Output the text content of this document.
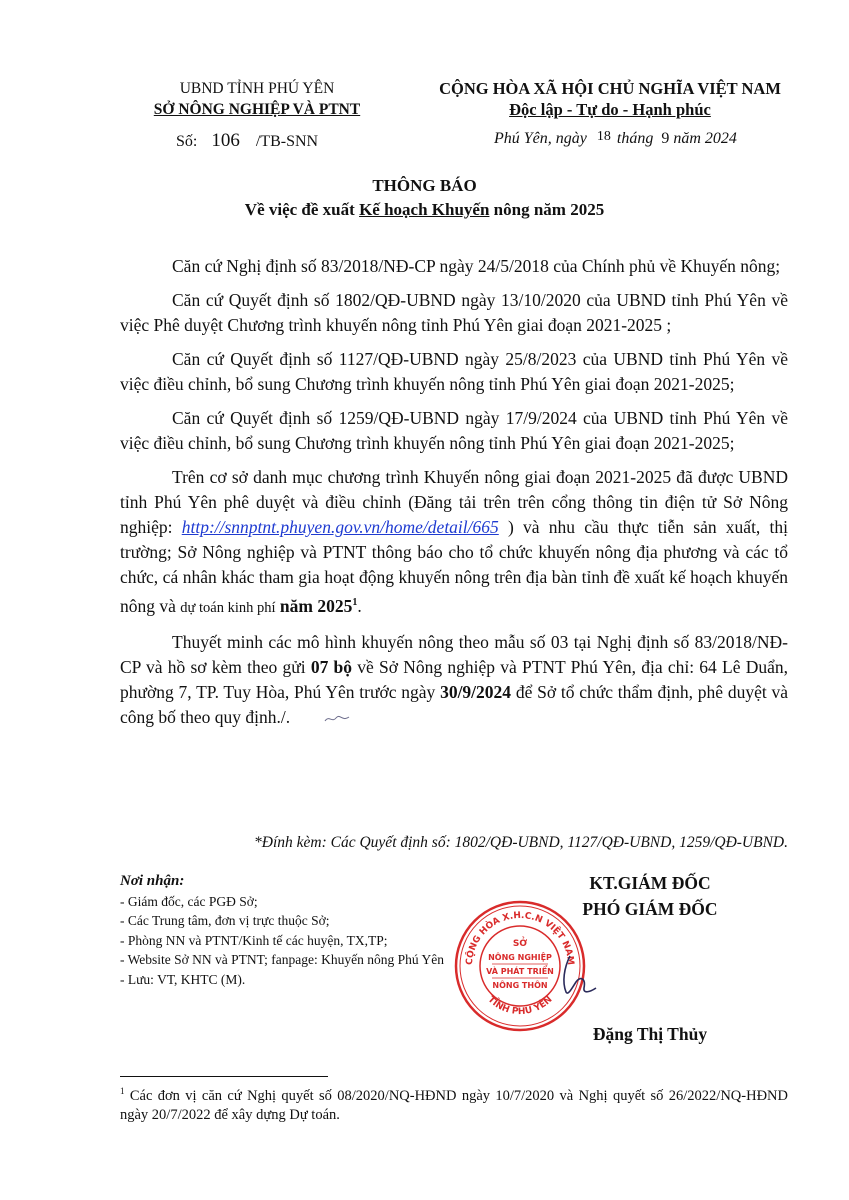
UBND TỈNH PHÚ YÊN
SỞ NÔNG NGHIỆP VÀ PTNT
CỘNG HÒA XÃ HỘI CHỦ NGHĨA VIỆT NAM
Độc lập - Tự do - Hạnh phúc
Số: 106 /TB-SNN	Phú Yên, ngày 18 tháng 9 năm 2024
THÔNG BÁO
Về việc đề xuất Kế hoạch Khuyến nông năm 2025

Căn cứ Nghị định số 83/2018/NĐ-CP ngày 24/5/2018 của Chính phủ về Khuyến nông;

Căn cứ Quyết định số 1802/QĐ-UBND ngày 13/10/2020 của UBND tỉnh Phú Yên về việc Phê duyệt Chương trình khuyến nông tỉnh Phú Yên giai đoạn 2021-2025 ;

Căn cứ Quyết định số 1127/QĐ-UBND ngày 25/8/2023 của UBND tỉnh Phú Yên về việc điều chỉnh, bổ sung Chương trình khuyến nông tỉnh Phú Yên giai đoạn 2021-2025;

Căn cứ Quyết định số 1259/QĐ-UBND ngày 17/9/2024 của UBND tỉnh Phú Yên về việc điều chỉnh, bổ sung Chương trình khuyến nông tỉnh Phú Yên giai đoạn 2021-2025;

Trên cơ sở danh mục chương trình Khuyến nông giai đoạn 2021-2025 đã được UBND tỉnh Phú Yên phê duyệt và điều chỉnh (Đăng tải trên trên cổng thông tin điện tử Sở Nông nghiệp: http://snnptnt.phuyen.gov.vn/home/detail/665 ) và nhu cầu thực tiễn sản xuất, thị trường; Sở Nông nghiệp và PTNT thông báo cho tổ chức khuyến nông địa phương và các tổ chức, cá nhân khác tham gia hoạt động khuyến nông trên địa bàn tỉnh đề xuất kế hoạch khuyến nông và dự toán kinh phí năm 2025$^1$.

Thuyết minh các mô hình khuyến nông theo mẫu số 03 tại Nghị định số 83/2018/NĐ-CP và hồ sơ kèm theo gửi 07 bộ về Sở Nông nghiệp và PTNT Phú Yên, địa chỉ: 64 Lê Duẩn, phường 7, TP. Tuy Hòa, Phú Yên trước ngày 30/9/2024 để Sở tổ chức thẩm định, phê duyệt và công bố theo quy định./.

*Đính kèm: Các Quyết định số: 1802/QĐ-UBND, 1127/QĐ-UBND, 1259/QĐ-UBND.
Nơi nhận:
- Giám đốc, các PGĐ Sở;
- Các Trung tâm, đơn vị trực thuộc Sở;
- Phòng NN và PTNT/Kinh tế các huyện, TX,TP;
- Website Sở NN và PTNT; fanpage: Khuyến nông Phú Yên
- Lưu: VT, KHTC (M).
KT.GIÁM ĐỐC
PHÓ GIÁM ĐỐC
CỘNG HÒA X.H.C.N VIỆT NAM
TỈNH PHÚ YÊN
SỞ
NÔNG NGHIỆP
VÀ PHÁT TRIỂN
NÔNG THÔN
Đặng Thị Thủy
$^1$ Các đơn vị căn cứ Nghị quyết số 08/2020/NQ-HĐND ngày 10/7/2020 và Nghị quyết số 26/2022/NQ-HĐND ngày 20/7/2022 để xây dựng Dự toán.
